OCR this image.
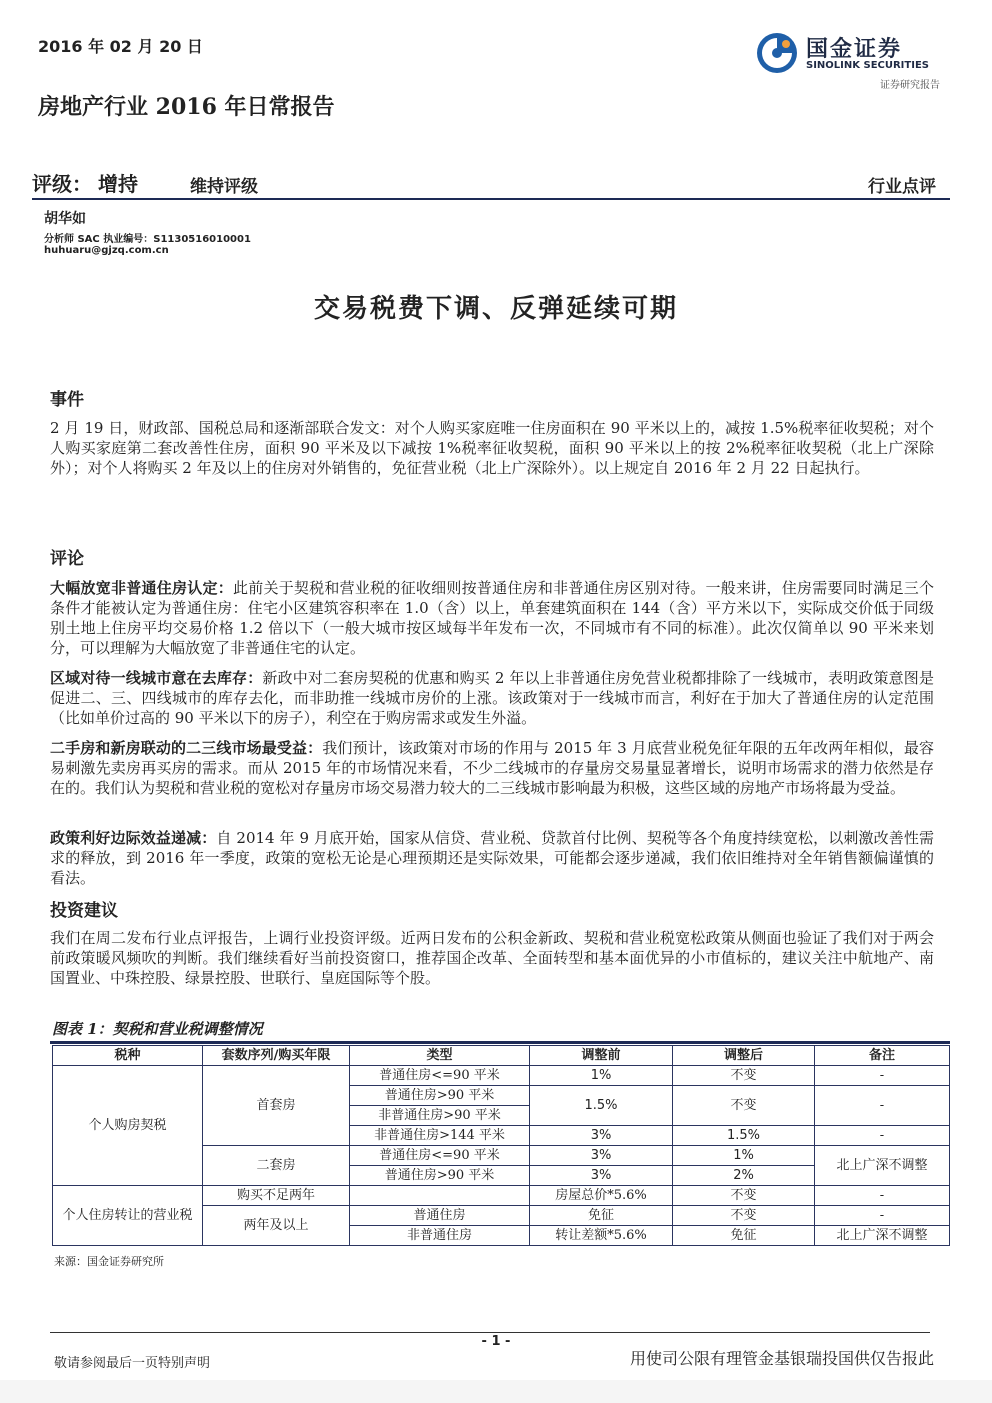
2016 年 02 月 20 日	国金证券
SINOLINK SECURITIES
证券研究报告
房地产行业 2016 年日常报告
评级： 增持	维持评级	行业点评
胡华如
分析师 SAC 执业编号：S1130516010001
huhuaru@gjzq.com.cn
交易税费下调、反弹延续可期
事件
2 月 19 日，财政部、国税总局和逐渐部联合发文：对个人购买家庭唯一住房面积在 90 平米以上的，减按 1.5%税率征收契税；对个人购买家庭第二套改善性住房，面积 90 平米及以下减按 1%税率征收契税，面积 90 平米以上的按 2%税率征收契税（北上广深除外）；对个人将购买 2 年及以上的住房对外销售的，免征营业税（北上广深除外）。以上规定自 2016 年 2 月 22 日起执行。
评论
大幅放宽非普通住房认定：此前关于契税和营业税的征收细则按普通住房和非普通住房区别对待。一般来讲，住房需要同时满足三个条件才能被认定为普通住房：住宅小区建筑容积率在 1.0（含）以上，单套建筑面积在 144（含）平方米以下，实际成交价低于同级别土地上住房平均交易价格 1.2 倍以下（一般大城市按区域每半年发布一次，不同城市有不同的标准）。此次仅简单以 90 平米来划分，可以理解为大幅放宽了非普通住宅的认定。
区域对待一线城市意在去库存：新政中对二套房契税的优惠和购买 2 年以上非普通住房免营业税都排除了一线城市，表明政策意图是促进二、三、四线城市的库存去化，而非助推一线城市房价的上涨。该政策对于一线城市而言，利好在于加大了普通住房的认定范围（比如单价过高的 90 平米以下的房子），利空在于购房需求或发生外溢。
二手房和新房联动的二三线市场最受益：我们预计，该政策对市场的作用与 2015 年 3 月底营业税免征年限的五年改两年相似，最容易刺激先卖房再买房的需求。而从 2015 年的市场情况来看，不少二线城市的存量房交易量显著增长，说明市场需求的潜力依然是存在的。我们认为契税和营业税的宽松对存量房市场交易潜力较大的二三线城市影响最为积极，这些区域的房地产市场将最为受益。
政策利好边际效益递减：自 2014 年 9 月底开始，国家从信贷、营业税、贷款首付比例、契税等各个角度持续宽松，以刺激改善性需求的释放，到 2016 年一季度，政策的宽松无论是心理预期还是实际效果，可能都会逐步递减，我们依旧维持对全年销售额偏谨慎的看法。
投资建议
我们在周二发布行业点评报告，上调行业投资评级。近两日发布的公积金新政、契税和营业税宽松政策从侧面也验证了我们对于两会前政策暖风频吹的判断。我们继续看好当前投资窗口，推荐国企改革、全面转型和基本面优异的小市值标的，建议关注中航地产、南国置业、中珠控股、绿景控股、世联行、皇庭国际等个股。
图表 1：契税和营业税调整情况
税种	套数序列/购买年限	类型	调整前	调整后	备注
个人购房契税	首套房	普通住房<=90 平米	1%	不变	-
		普通住房>90 平米	1.5%	不变	-
		非普通住房>90 平米			
		非普通住房>144 平米	3%	1.5%	-
	二套房	普通住房<=90 平米	3%	1%	北上广深不调整
		普通住房>90 平米	3%	2%	
个人住房转让的营业税	购买不足两年		房屋总价*5.6%	不变	-
	两年及以上	普通住房	免征	不变	-
		非普通住房	转让差额*5.6%	免征	北上广深不调整
来源：国金证券研究所
- 1 -
敬请参阅最后一页特别声明	用使司公限有理管金基银瑞投国供仅告报此
